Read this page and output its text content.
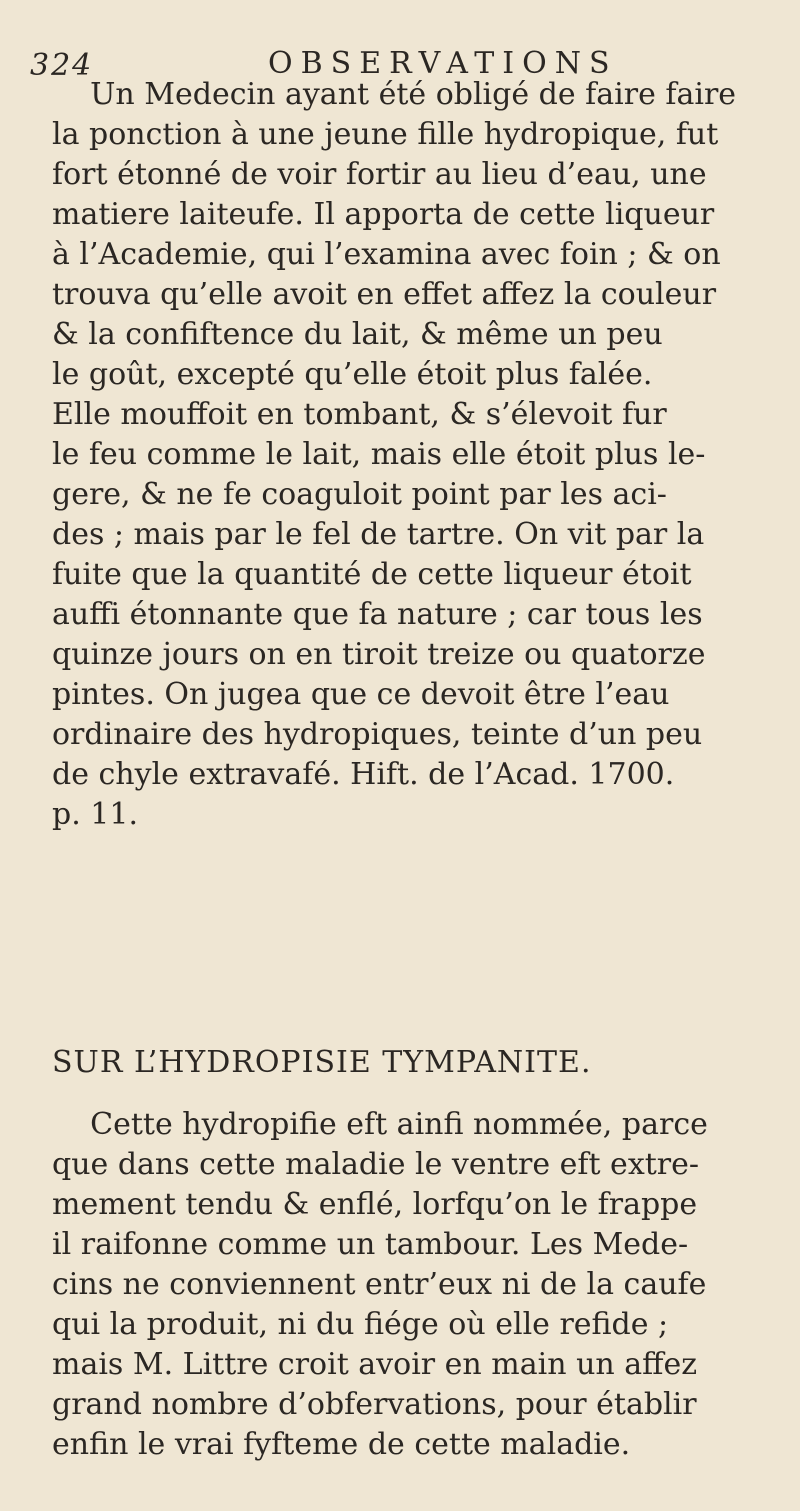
324	OBSERVATIONS
Un Medecin ayant été obligé de faire faire
la ponction à une jeune fille hydropique, fut
fort étonné de voir fortir au lieu d’eau, une
matiere laiteufe. Il apporta de cette liqueur
à l’Academie, qui l’examina avec foin ; & on
trouva qu’elle avoit en effet affez la couleur
& la confiftence du lait, & même un peu
le goût, excepté qu’elle étoit plus falée.
Elle mouffoit en tombant, & s’élevoit fur
le feu comme le lait, mais elle étoit plus le-
gere, & ne fe coaguloit point par les aci-
des ; mais par le fel de tartre. On vit par la
fuite que la quantité de cette liqueur étoit
auffi étonnante que fa nature ; car tous les
quinze jours on en tiroit treize ou quatorze
pintes. On jugea que ce devoit être l’eau
ordinaire des hydropiques, teinte d’un peu
de chyle extravafé. Hift. de l’Acad. 1700.
p. 11.
SUR L’HYDROPISIE TYMPANITE.
Cette hydropifie eft ainfi nommée, parce
que dans cette maladie le ventre eft extre-
mement tendu & enflé, lorfqu’on le frappe
il raifonne comme un tambour. Les Mede-
cins ne conviennent entr’eux ni de la caufe
qui la produit, ni du fiége où elle refide ;
mais M. Littre croit avoir en main un affez
grand nombre d’obfervations, pour établir
enfin le vrai fyfteme de cette maladie.
